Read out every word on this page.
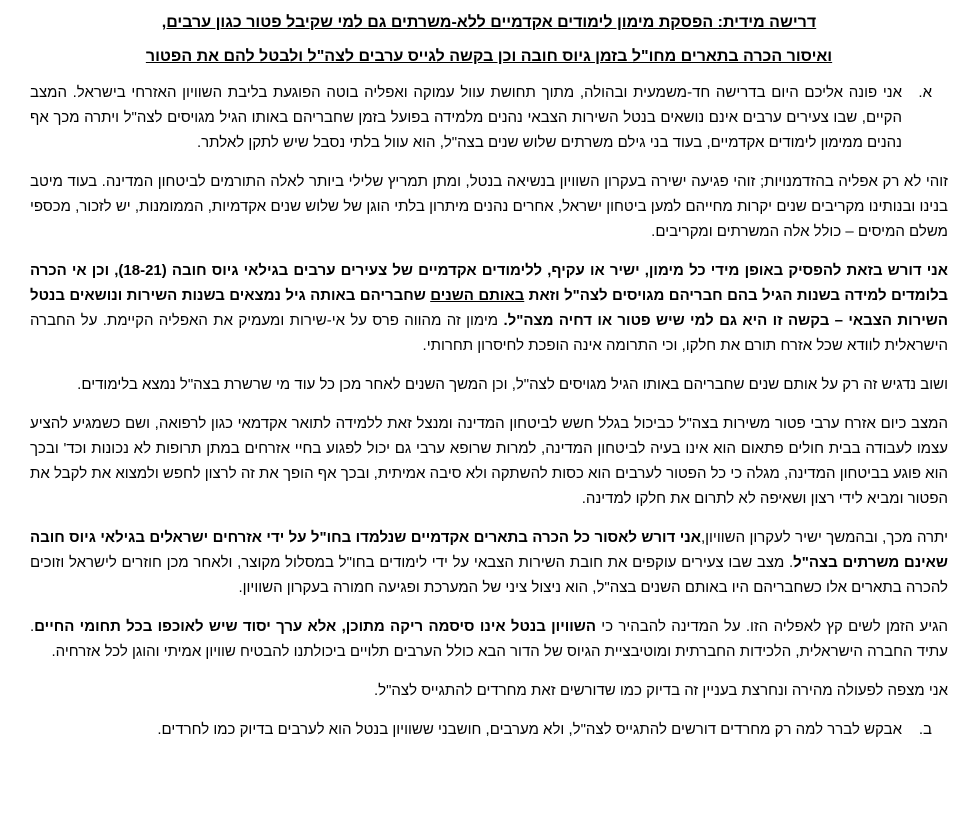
דרישה מידית: הפסקת מימון לימודים אקדמיים ללא-משרתים גם למי שקיבל פטור כגון ערבים,

ואיסור הכרה בתארים מחו"ל בזמן גיוס חובה וכן בקשה לגייס ערבים לצה"ל ולבטל להם את הפטור

א.
אני פונה אליכם היום בדרישה חד-משמעית ובהולה, מתוך תחושת עוול עמוקה ואפליה בוטה הפוגעת בליבת השוויון האזרחי בישראל. המצב הקיים, שבו צעירים ערבים אינם נושאים בנטל השירות הצבאי נהנים מלמידה בפועל בזמן שחבריהם באותו הגיל מגויסים לצה"ל ויתרה מכך אף נהנים ממימון לימודים אקדמיים, בעוד בני גילם משרתים שלוש שנים בצה"ל, הוא עוול בלתי נסבל שיש לתקן לאלתר.

זוהי לא רק אפליה בהזדמנויות; זוהי פגיעה ישירה בעקרון השוויון בנשיאה בנטל, ומתן תמריץ שלילי ביותר לאלה התורמים לביטחון המדינה. בעוד מיטב בנינו ובנותינו מקריבים שנים יקרות מחייהם למען ביטחון ישראל, אחרים נהנים מיתרון בלתי הוגן של שלוש שנים אקדמיות, הממומנות, יש לזכור, מכספי משלם המיסים – כולל אלה המשרתים ומקריבים.

אני דורש בזאת להפסיק באופן מידי כל מימון, ישיר או עקיף, ללימודים אקדמיים של צעירים ערבים בגילאי גיוס חובה (18-21), וכן אי הכרה בלומדים למידה בשנות הגיל בהם חבריהם מגויסים לצה"ל וזאת באותם השנים שחבריהם באותה גיל נמצאים בשנות השירות ונושאים בנטל השירות הצבאי – בקשה זו היא גם למי שיש פטור או דחיה מצה"ל. מימון זה מהווה פרס על אי-שירות ומעמיק את האפליה הקיימת. על החברה הישראלית לוודא שכל אזרח תורם את חלקו, וכי התרומה אינה הופכת לחיסרון תחרותי.

ושוב נדגיש זה רק על אותם שנים שחבריהם באותו הגיל מגויסים לצה"ל, וכן המשך השנים לאחר מכן כל עוד מי שרשרת בצה"ל נמצא בלימודים.

המצב כיום אזרח ערבי פטור משירות בצה"ל כביכול בגלל חשש לביטחון המדינה ומנצל זאת ללמידה לתואר אקדמאי כגון לרפואה, ושם כשמגיע להציע עצמו לעבודה בבית חולים פתאום הוא אינו בעיה לביטחון המדינה, למרות שרופא ערבי גם יכול לפגוע בחיי אזרחים במתן תרופות לא נכונות וכד' ובכך הוא פוגע בביטחון המדינה, מגלה כי כל הפטור לערבים הוא כסות להשתקה ולא סיבה אמיתית, ובכך אף הופך את זה לרצון לחפש ולמצוא את לקבל את הפטור ומביא לידי רצון ושאיפה לא לתרום את חלקו למדינה.

יתרה מכך, ובהמשך ישיר לעקרון השוויון,אני דורש לאסור כל הכרה בתארים אקדמיים שנלמדו בחו"ל על ידי אזרחים ישראלים בגילאי גיוס חובה שאינם משרתים בצה"ל. מצב שבו צעירים עוקפים את חובת השירות הצבאי על ידי לימודים בחו"ל במסלול מקוצר, ולאחר מכן חוזרים לישראל וזוכים להכרה בתארים אלו כשחבריהם היו באותם השנים בצה"ל, הוא ניצול ציני של המערכת ופגיעה חמורה בעקרון השוויון.

הגיע הזמן לשים קץ לאפליה הזו. על המדינה להבהיר כי השוויון בנטל אינו סיסמה ריקה מתוכן, אלא ערך יסוד שיש לאוכפו בכל תחומי החיים. עתיד החברה הישראלית, הלכידות החברתית ומוטיבציית הגיוס של הדור הבא כולל הערבים תלויים ביכולתנו להבטיח שוויון אמיתי והוגן לכל אזרחיה.

אני מצפה לפעולה מהירה ונחרצת בעניין זה בדיוק כמו שדורשים זאת מחרדים להתגייס לצה"ל.

ב.
אבקש לברר למה רק מחרדים דורשים להתגייס לצה"ל, ולא מערבים, חושבני ששוויון בנטל הוא לערבים בדיוק כמו לחרדים.
